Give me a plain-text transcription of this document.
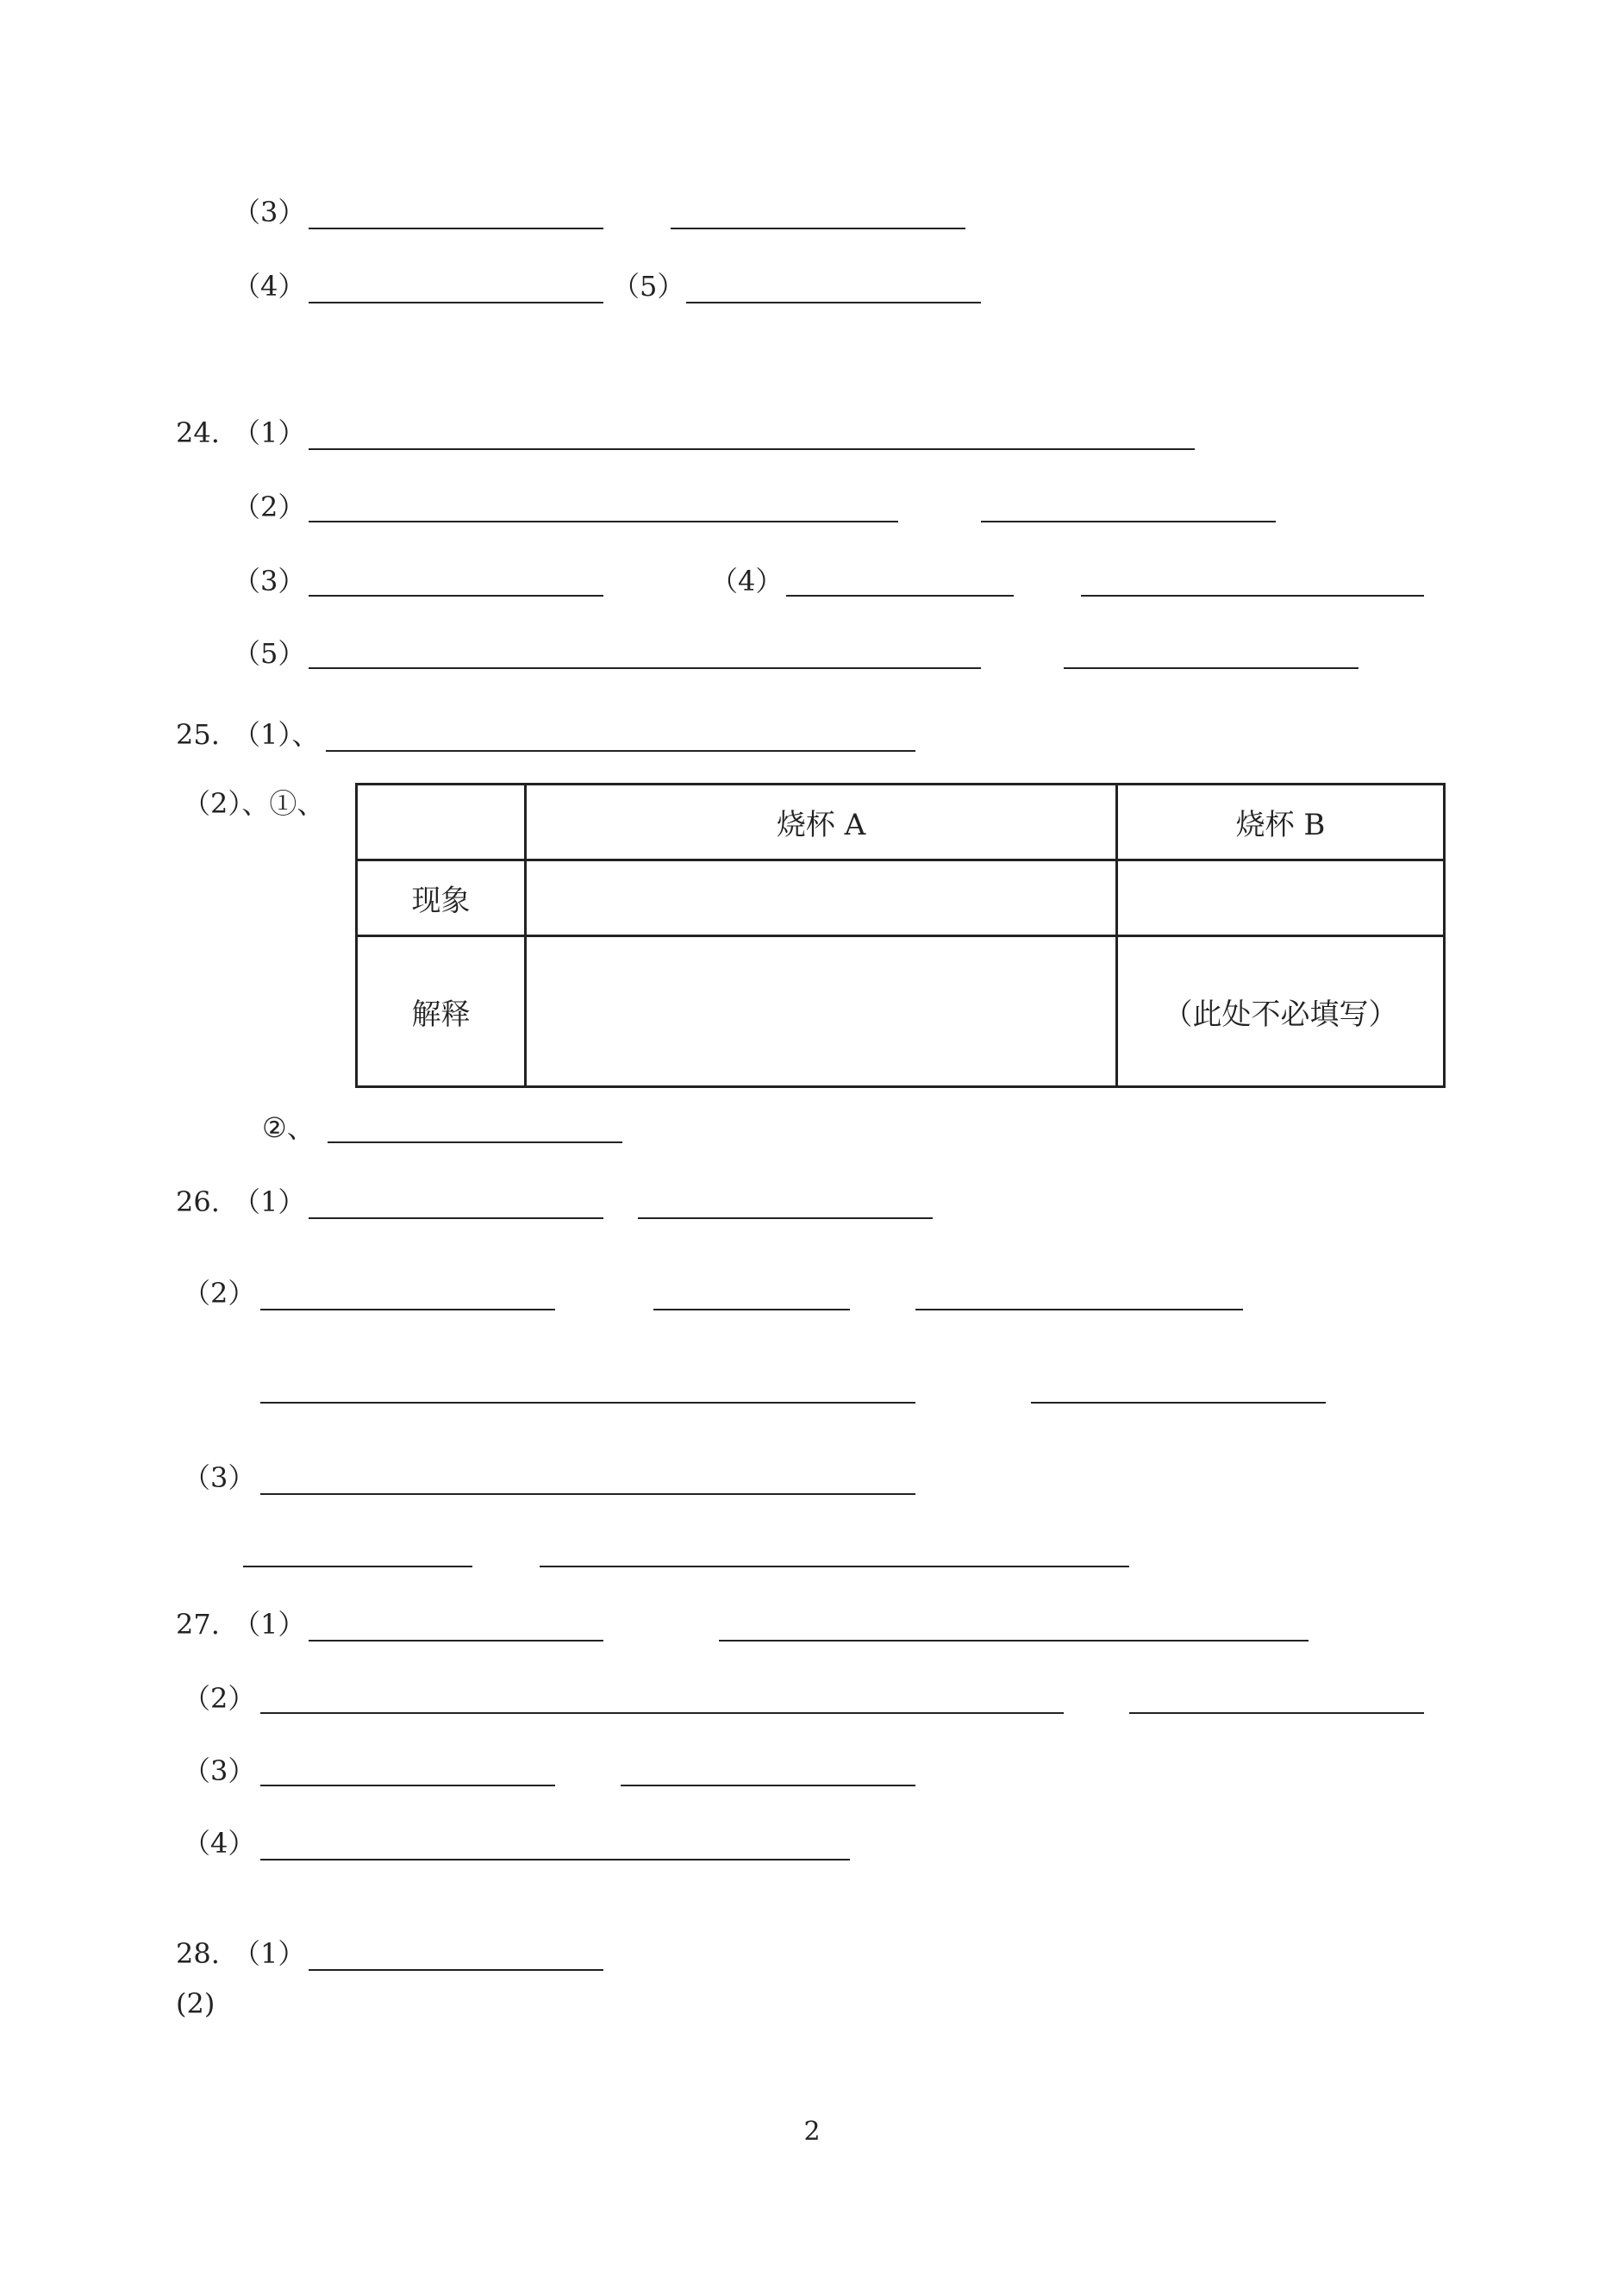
（3）
（4）	（5）
24. （1）
（2）
（3）	（4）
（5）
25. （1）、
（2）、①、
	烧杯 A	烧杯 B
现象		
解释		（此处不必填写）
②、
26. （1）
（2）
（3）
27. （1）
（2）
（3）
（4）
28. （1）
(2)
2
